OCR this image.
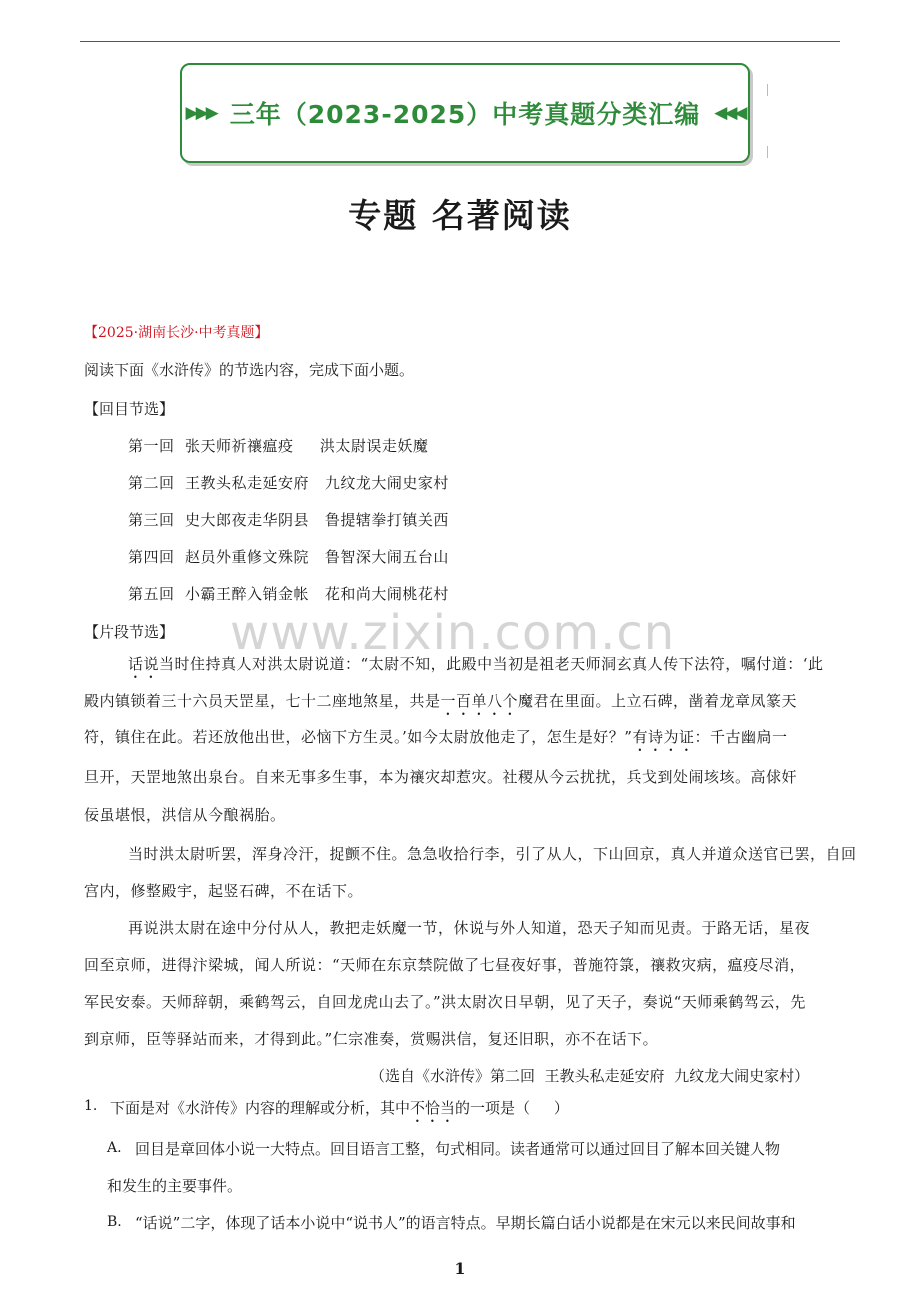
▶▶▶ 三年（2023-2025）中考真题分类汇编 ◀◀◀
专题 名著阅读
【2025·湖南长沙·中考真题】
阅读下面《水浒传》的节选内容，完成下面小题。
【回目节选】
第一回  张天师祈禳瘟疫     洪太尉误走妖魔
第二回  王教头私走延安府   九纹龙大闹史家村
第三回  史大郎夜走华阴县   鲁提辖拳打镇关西
第四回  赵员外重修文殊院   鲁智深大闹五台山
第五回  小霸王醉入销金帐   花和尚大闹桃花村
【片段节选】 www.zixin.com.cn
话说当时住持真人对洪太尉说道：“太尉不知，此殿中当初是祖老天师洞玄真人传下法符，嘱付道：‘此
殿内镇锁着三十六员天罡星，七十二座地煞星，共是一百单八个魔君在里面。上立石碑，凿着龙章凤篆天
符，镇住在此。若还放他出世，必恼下方生灵。’如今太尉放他走了，怎生是好？”有诗为证：千古幽扃一
旦开，天罡地煞出泉台。自来无事多生事，本为禳灾却惹灾。社稷从今云扰扰，兵戈到处闹垓垓。高俅奸
佞虽堪恨，洪信从今酿祸胎。
当时洪太尉听罢，浑身冷汗，捉颤不住。急急收拾行李，引了从人，下山回京，真人并道众送官已罢，自回
宫内，修整殿宇，起竖石碑，不在话下。
再说洪太尉在途中分付从人，教把走妖魔一节，休说与外人知道，恐天子知而见责。于路无话，星夜
回至京师，进得汴梁城，闻人所说：“天师在东京禁院做了七昼夜好事，普施符箓，禳救灾病，瘟疫尽消，
军民安泰。天师辞朝，乘鹤驾云，自回龙虎山去了。”洪太尉次日早朝，见了天子，奏说“天师乘鹤驾云，先
到京师，臣等驿站而来，才得到此。”仁宗准奏，赏赐洪信，复还旧职，亦不在话下。
（选自《水浒传》第二回  王教头私走延安府  九纹龙大闹史家村）
1. 下面是对《水浒传》内容的理解或分析，其中不恰当的一项是（     ）
A. 回目是章回体小说一大特点。回目语言工整，句式相同。读者通常可以通过回目了解本回关键人物
和发生的主要事件。
B. “话说”二字，体现了话本小说中“说书人”的语言特点。早期长篇白话小说都是在宋元以来民间故事和
1
